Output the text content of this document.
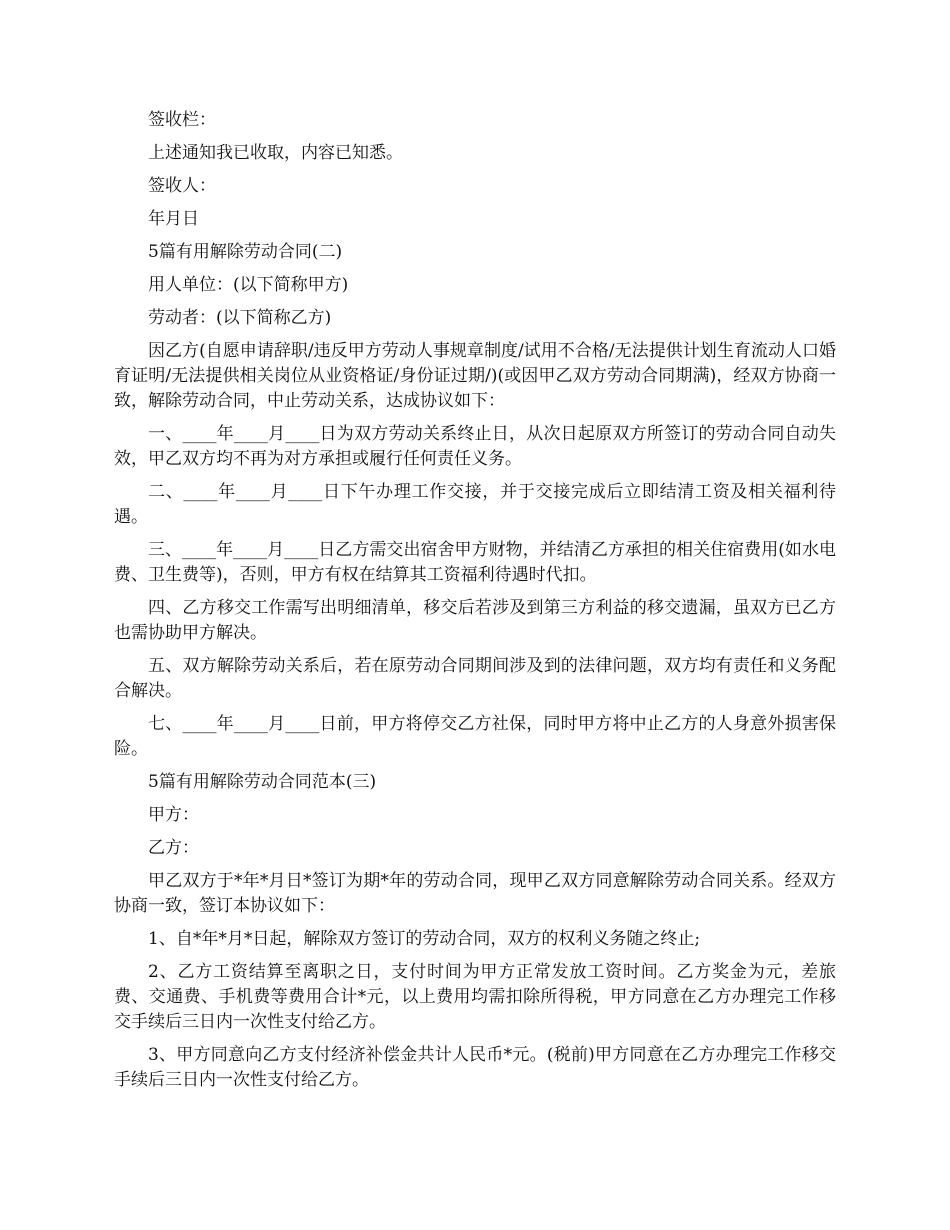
签收栏：

上述通知我已收取，内容已知悉。

签收人：

年月日

5篇有用解除劳动合同(二)

用人单位：(以下简称甲方)

劳动者：(以下简称乙方)

因乙方(自愿申请辞职/违反甲方劳动人事规章制度/试用不合格/无法提供计划生育流动人口婚育证明/无法提供相关岗位从业资格证/身份证过期/)(或因甲乙双方劳动合同期满)，经双方协商一致，解除劳动合同，中止劳动关系，达成协议如下：

一、____年____月____日为双方劳动关系终止日，从次日起原双方所签订的劳动合同自动失效，甲乙双方均不再为对方承担或履行任何责任义务。

二、____年____月____日下午办理工作交接，并于交接完成后立即结清工资及相关福利待遇。

三、____年____月____日乙方需交出宿舍甲方财物，并结清乙方承担的相关住宿费用(如水电费、卫生费等)，否则，甲方有权在结算其工资福利待遇时代扣。

四、乙方移交工作需写出明细清单，移交后若涉及到第三方利益的移交遗漏，虽双方已乙方也需协助甲方解决。

五、双方解除劳动关系后，若在原劳动合同期间涉及到的法律问题，双方均有责任和义务配合解决。

七、____年____月____日前，甲方将停交乙方社保，同时甲方将中止乙方的人身意外损害保险。

5篇有用解除劳动合同范本(三)

甲方：

乙方：

甲乙双方于*年*月日*签订为期*年的劳动合同，现甲乙双方同意解除劳动合同关系。经双方协商一致，签订本协议如下：

1、自*年*月*日起，解除双方签订的劳动合同，双方的权利义务随之终止;

2、乙方工资结算至离职之日，支付时间为甲方正常发放工资时间。乙方奖金为元，差旅费、交通费、手机费等费用合计*元，以上费用均需扣除所得税，甲方同意在乙方办理完工作移交手续后三日内一次性支付给乙方。

3、甲方同意向乙方支付经济补偿金共计人民币*元。(税前)甲方同意在乙方办理完工作移交手续后三日内一次性支付给乙方。
